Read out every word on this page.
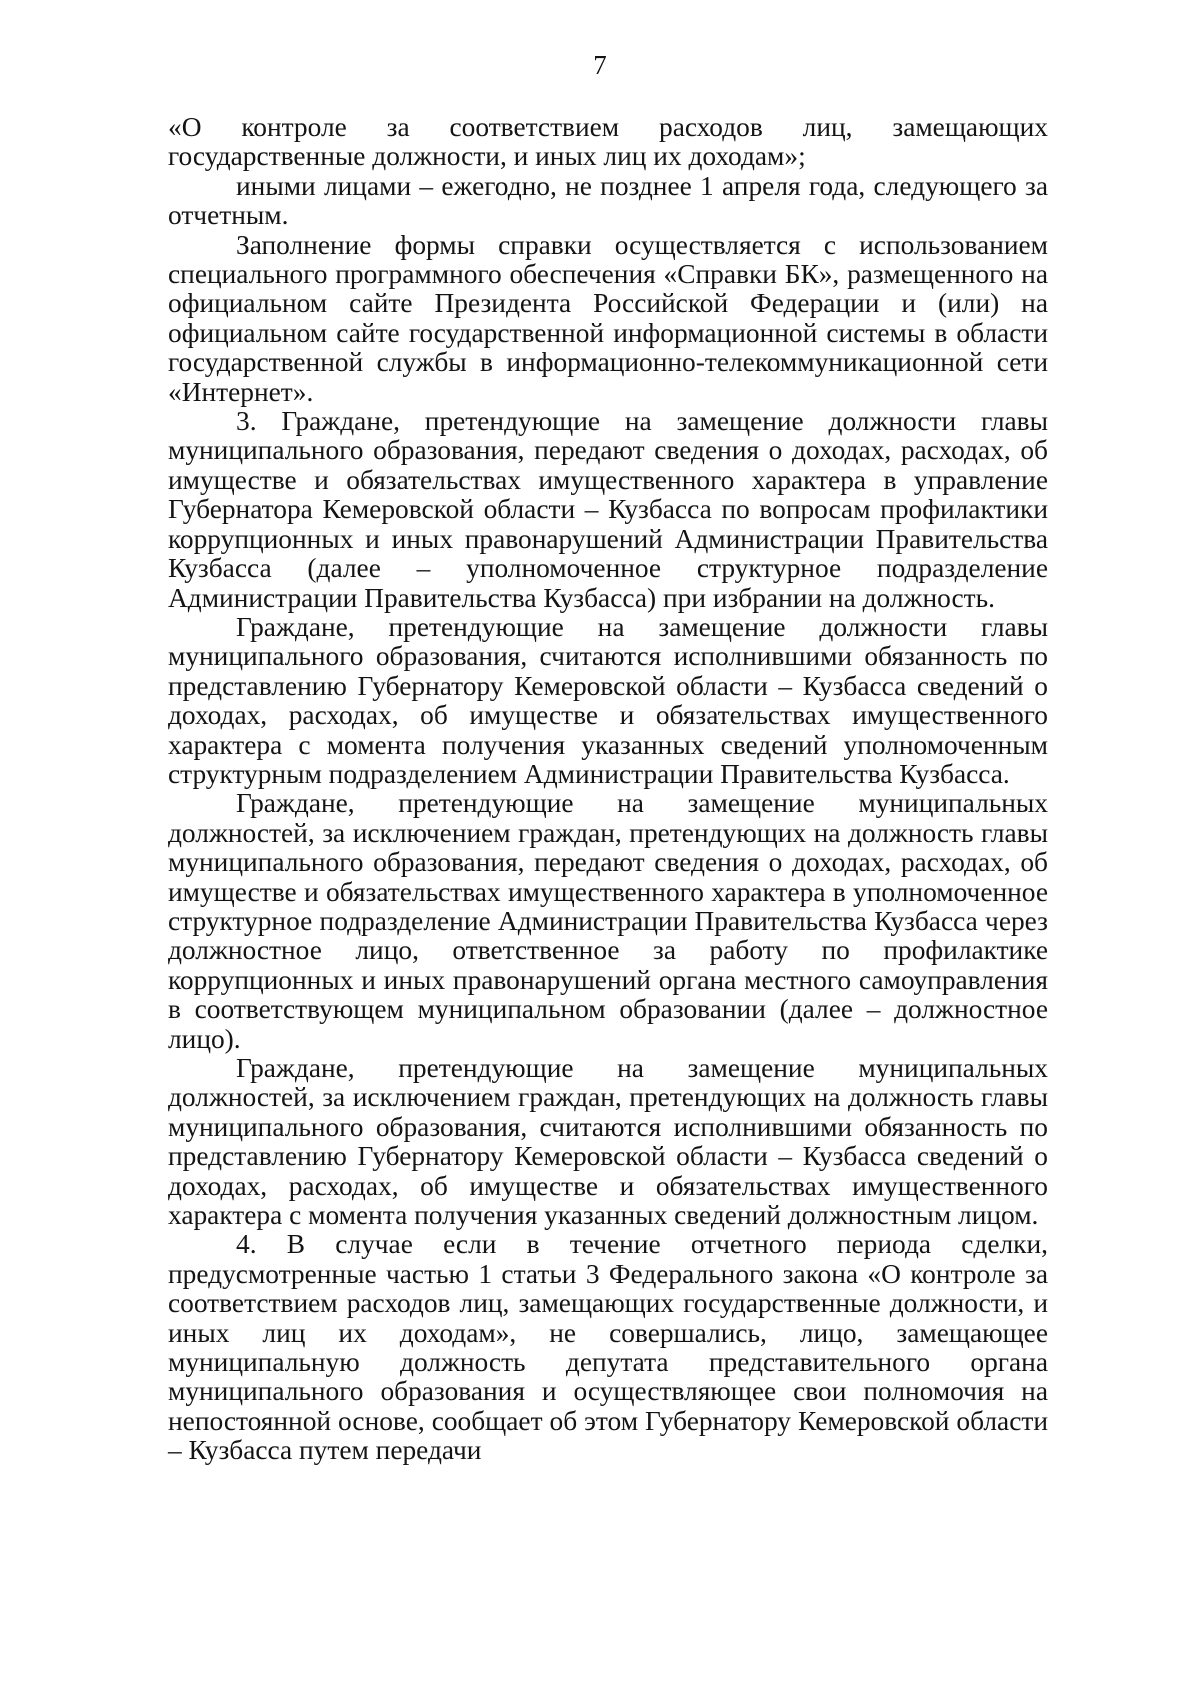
7

«О контроле за соответствием расходов лиц, замещающих государственные должности, и иных лиц их доходам»;

иными лицами – ежегодно, не позднее 1 апреля года, следующего за отчетным.

Заполнение формы справки осуществляется с использованием специального программного обеспечения «Справки БК», размещенного на официальном сайте Президента Российской Федерации и (или) на официальном сайте государственной информационной системы в области государственной службы в информационно-телекоммуникационной сети «Интернет».

3. Граждане, претендующие на замещение должности главы муниципального образования, передают сведения о доходах, расходах, об имуществе и обязательствах имущественного характера в управление Губернатора Кемеровской области – Кузбасса по вопросам профилактики коррупционных и иных правонарушений Администрации Правительства Кузбасса (далее – уполномоченное структурное подразделение Администрации Правительства Кузбасса) при избрании на должность.

Граждане, претендующие на замещение должности главы муниципального образования, считаются исполнившими обязанность по представлению Губернатору Кемеровской области – Кузбасса сведений о доходах, расходах, об имуществе и обязательствах имущественного характера с момента получения указанных сведений уполномоченным структурным подразделением Администрации Правительства Кузбасса.

Граждане, претендующие на замещение муниципальных должностей, за исключением граждан, претендующих на должность главы муниципального образования, передают сведения о доходах, расходах, об имуществе и обязательствах имущественного характера в уполномоченное структурное подразделение Администрации Правительства Кузбасса через должностное лицо, ответственное за работу по профилактике коррупционных и иных правонарушений органа местного самоуправления в соответствующем муниципальном образовании (далее – должностное лицо).

Граждане, претендующие на замещение муниципальных должностей, за исключением граждан, претендующих на должность главы муниципального образования, считаются исполнившими обязанность по представлению Губернатору Кемеровской области – Кузбасса сведений о доходах, расходах, об имуществе и обязательствах имущественного характера с момента получения указанных сведений должностным лицом.

4. В случае если в течение отчетного периода сделки, предусмотренные частью 1 статьи 3 Федерального закона «О контроле за соответствием расходов лиц, замещающих государственные должности, и иных лиц их доходам», не совершались, лицо, замещающее муниципальную должность депутата представительного органа муниципального образования и осуществляющее свои полномочия на непостоянной основе, сообщает об этом Губернатору Кемеровской области – Кузбасса путем передачи
